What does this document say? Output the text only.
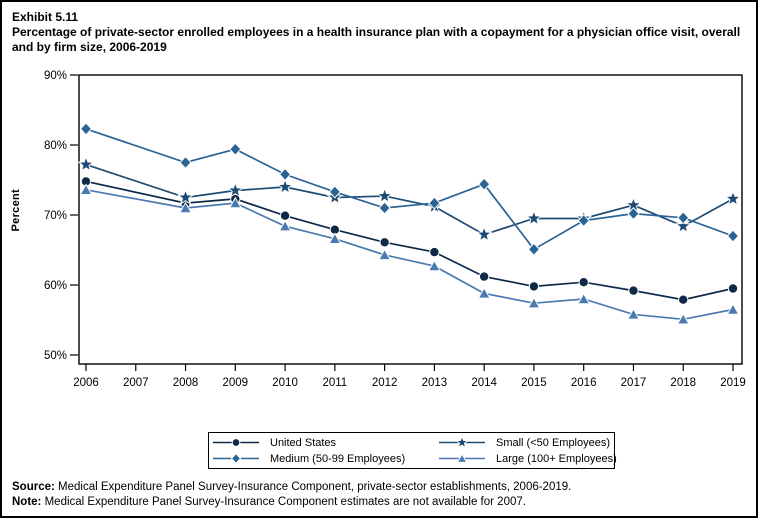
Exhibit 5.11
Percentage of private-sector enrolled employees in a health insurance plan with a copayment for a physician office visit, overall and by firm size, 2006-2019
90%
80%
70%
60%
50%
2006 2007 2008 2009 2010 2011 2012 2013 2014 2015 2016 2017 2018 2019
Percent
United States	Small (<50 Employees)
Medium (50-99 Employees)	Large (100+ Employees)
Source: Medical Expenditure Panel Survey-Insurance Component, private-sector establishments, 2006-2019.
Note: Medical Expenditure Panel Survey-Insurance Component estimates are not available for 2007.
